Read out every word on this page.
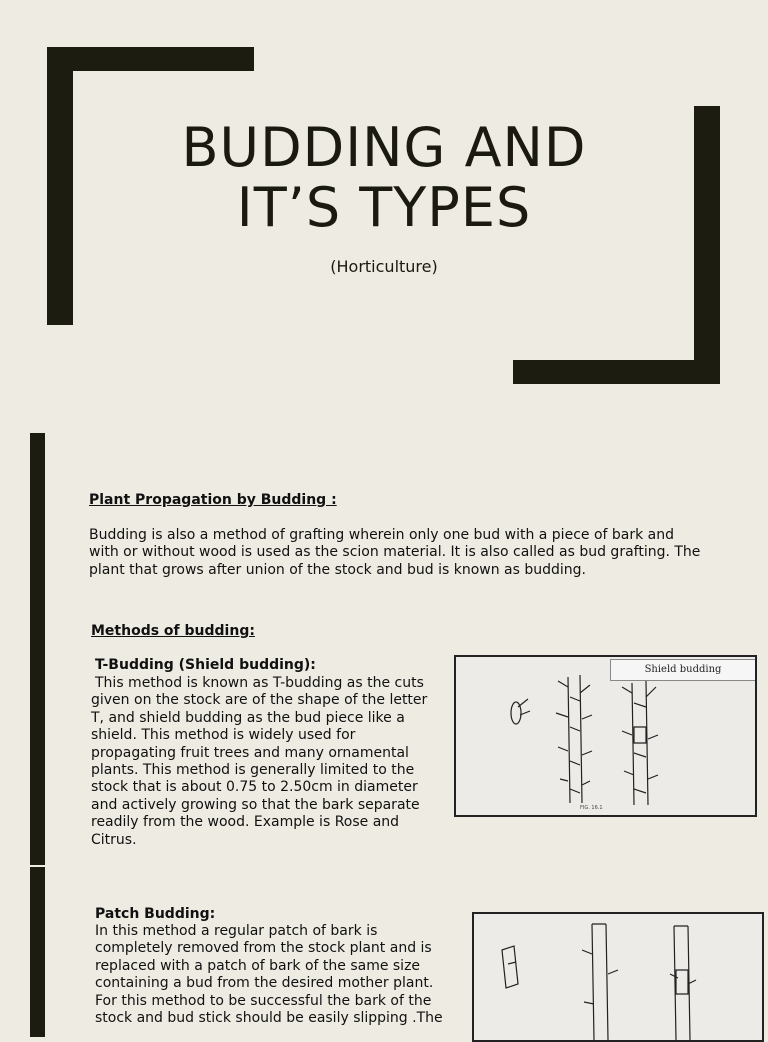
BUDDING AND
IT’S TYPES
(Horticulture)
Plant Propagation by Budding :
Budding is also a method of grafting wherein only one bud with a piece of bark and with or without wood is used as the scion material. It is also called as bud grafting. The plant that grows after union of the stock and bud is known as budding.
Methods of budding:
T-Budding (Shield budding):
This method is known as T-budding as the cuts given on the stock are of the shape of the letter T, and shield budding as the bud piece like a shield. This method is widely used for propagating fruit trees and many ornamental plants. This method is generally limited to the stock that is about 0.75 to 2.50cm in diameter and actively growing so that the bark separate readily from the wood. Example is Rose and Citrus.
Shield budding
FIG. 16.1
Patch Budding:
In this method a regular patch of bark is completely removed from the stock plant and is replaced with a patch of bark of the same size containing a bud from the desired mother plant. For this method to be successful the bark of the stock and bud stick should be easily slipping .The
